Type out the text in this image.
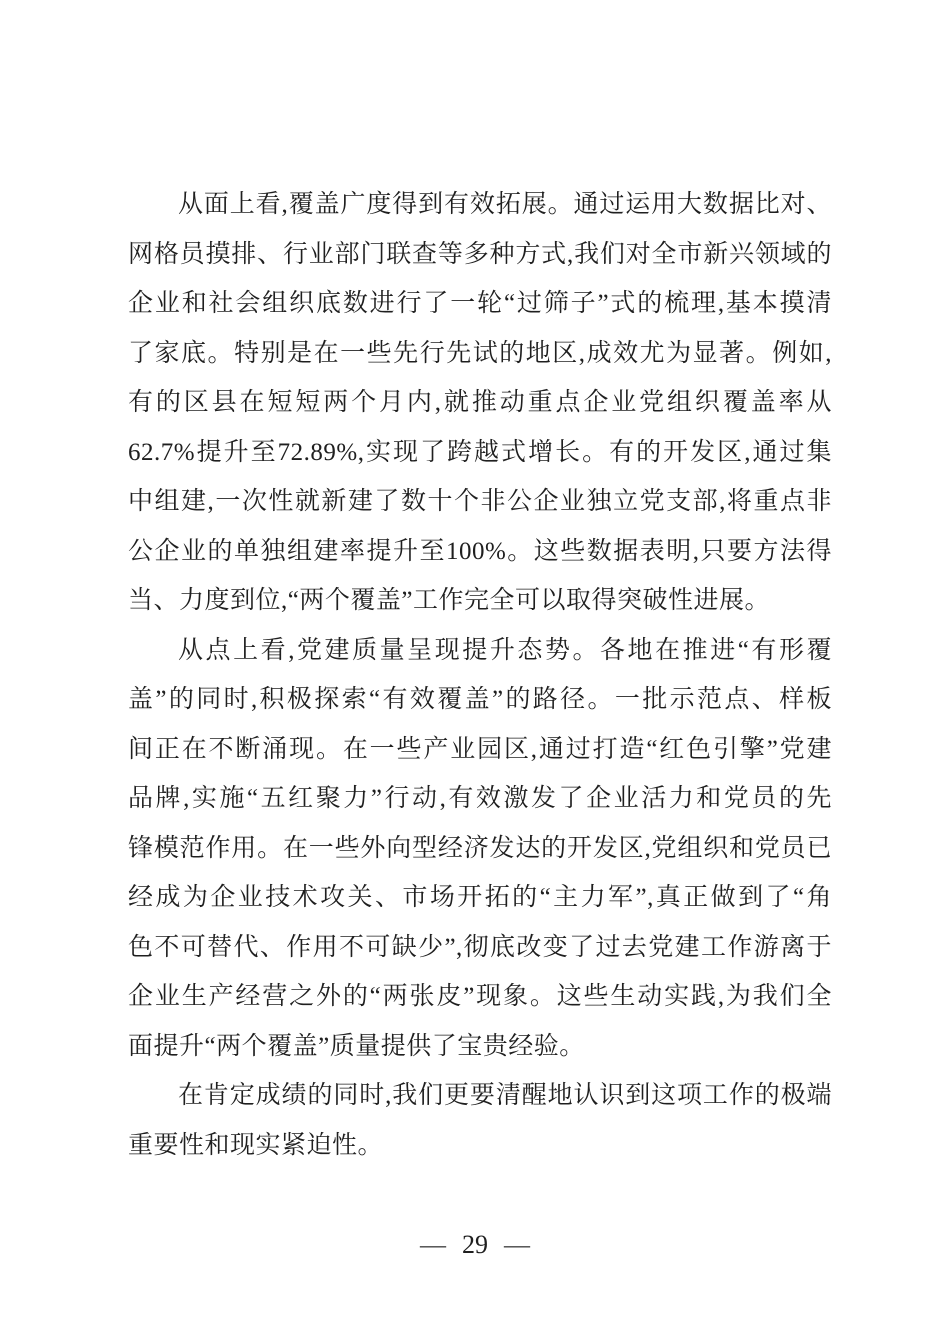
从面上看,覆盖广度得到有效拓展。通过运用大数据比对、
网格员摸排、行业部门联查等多种方式,我们对全市新兴领域的
企业和社会组织底数进行了一轮“过筛子”式的梳理,基本摸清
了家底。特别是在一些先行先试的地区,成效尤为显著。例如,
有的区县在短短两个月内,就推动重点企业党组织覆盖率从
62.7%提升至72.89%,实现了跨越式增长。有的开发区,通过集
中组建,一次性就新建了数十个非公企业独立党支部,将重点非
公企业的单独组建率提升至100%。这些数据表明,只要方法得
当、力度到位,“两个覆盖”工作完全可以取得突破性进展。
从点上看,党建质量呈现提升态势。各地在推进“有形覆
盖”的同时,积极探索“有效覆盖”的路径。一批示范点、样板
间正在不断涌现。在一些产业园区,通过打造“红色引擎”党建
品牌,实施“五红聚力”行动,有效激发了企业活力和党员的先
锋模范作用。在一些外向型经济发达的开发区,党组织和党员已
经成为企业技术攻关、市场开拓的“主力军”,真正做到了“角
色不可替代、作用不可缺少”,彻底改变了过去党建工作游离于
企业生产经营之外的“两张皮”现象。这些生动实践,为我们全
面提升“两个覆盖”质量提供了宝贵经验。
在肯定成绩的同时,我们更要清醒地认识到这项工作的极端
重要性和现实紧迫性。
— 29 —
